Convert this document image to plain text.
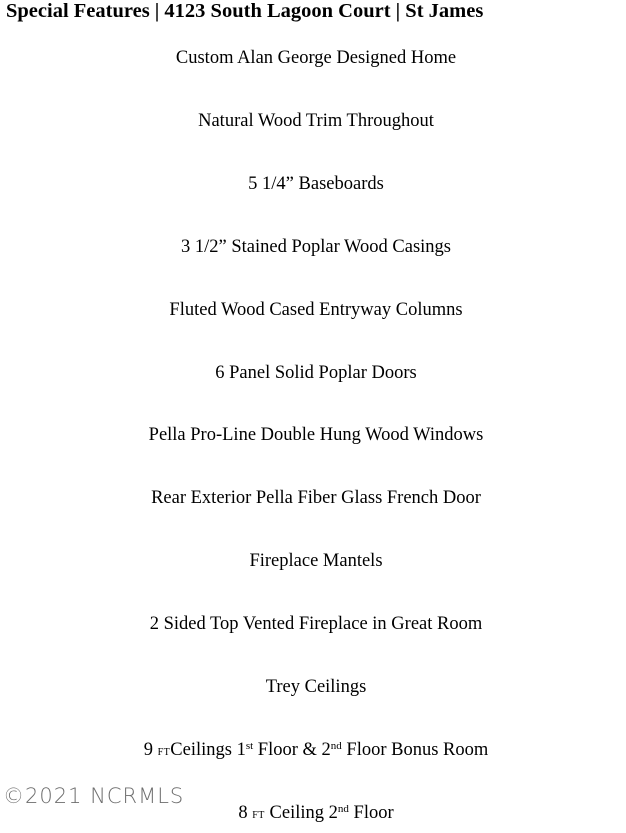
Special Features | 4123 South Lagoon Court | St James
Custom Alan George Designed Home
Natural Wood Trim Throughout
5 1/4” Baseboards
3 1/2” Stained Poplar Wood Casings
Fluted Wood Cased Entryway Columns
6 Panel Solid Poplar Doors
Pella Pro-Line Double Hung Wood Windows
Rear Exterior Pella Fiber Glass French Door
Fireplace Mantels
2 Sided Top Vented Fireplace in Great Room
Trey Ceilings
9 FTCeilings 1st Floor & 2nd Floor Bonus Room
8 FT Ceiling 2nd Floor
©2021 NCRMLS
